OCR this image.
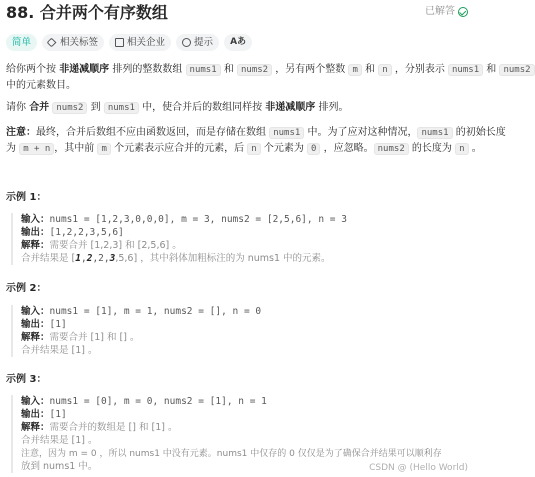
88. 合并两个有序数组	已解答
简单	相关标签	相关企业	提示 Aあ
给你两个按 非递减顺序 排列的整数数组 nums1 和 nums2 ，另有两个整数 m 和 n ，分别表示 nums1 和 nums2
中的元素数目。
请你 合并 nums2 到 nums1 中，使合并后的数组同样按 非递减顺序 排列。
注意：最终，合并后数组不应由函数返回，而是存储在数组 nums1 中。为了应对这种情况， nums1 的初始长度
为 m + n ，其中前 m 个元素表示应合并的元素，后 n 个元素为 0 ，应忽略。 nums2 的长度为 n 。
示例 1：
输入：nums1 = [1,2,3,0,0,0], m = 3, nums2 = [2,5,6], n = 3
输出：[1,2,2,3,5,6]
解释：需要合并 [1,2,3] 和 [2,5,6] 。
合并结果是 [1,2,2,3,5,6] ，其中斜体加粗标注的为 nums1 中的元素。
示例 2：
输入：nums1 = [1], m = 1, nums2 = [], n = 0
输出：[1]
解释：需要合并 [1] 和 [] 。
合并结果是 [1] 。
示例 3：
输入：nums1 = [0], m = 0, nums2 = [1], n = 1
输出：[1]
解释：需要合并的数组是 [] 和 [1] 。
合并结果是 [1] 。
注意，因为 m = 0 ，所以 nums1 中没有元素。nums1 中仅存的 0 仅仅是为了确保合并结果可以顺利存
放到 nums1 中。	CSDN @ (Hello World)
